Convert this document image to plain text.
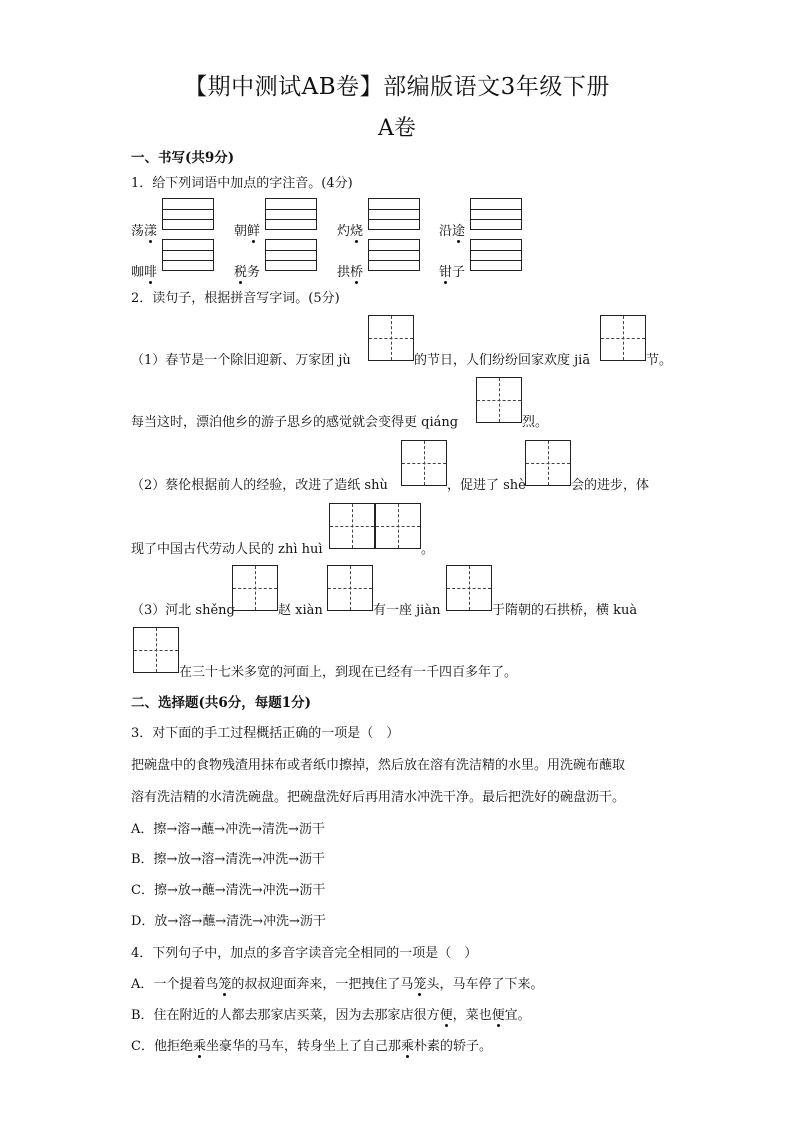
【期中测试AB卷】部编版语文3年级下册
A卷
一、书写(共9分)
1．给下列词语中加点的字注音。(4分)
荡漾	朝鲜	灼烧	沿途
咖啡	税务	拱桥	钳子
2．读句子，根据拼音写字词。(5分)
（1）春节是一个除旧迎新、万家团 jù	的节日，人们纷纷回家欢度 jiā	节。
每当这时，漂泊他乡的游子思乡的感觉就会变得更 qiáng	烈。
（2）蔡伦根据前人的经验，改进了造纸 shù	，促进了 shè	会的进步，体
现了中国古代劳动人民的 zhì huì	。
（3）河北 shěng	赵 xiàn	有一座 jiàn	于隋朝的石拱桥，横 kuà
在三十七米多宽的河面上，到现在已经有一千四百多年了。
二、选择题(共6分，每题1分)
3．对下面的手工过程概括正确的一项是（　）
把碗盘中的食物残渣用抹布或者纸巾擦掉，然后放在溶有洗洁精的水里。用洗碗布蘸取
溶有洗洁精的水清洗碗盘。把碗盘洗好后再用清水冲洗干净。最后把洗好的碗盘沥干。
A．擦→溶→蘸→冲洗→清洗→沥干
B．擦→放→溶→清洗→冲洗→沥干
C．擦→放→蘸→清洗→冲洗→沥干
D．放→溶→蘸→清洗→冲洗→沥干
4．下列句子中，加点的多音字读音完全相同的一项是（　）
A．一个提着鸟笼的叔叔迎面奔来，一把拽住了马笼头，马车停了下来。
B．住在附近的人都去那家店买菜，因为去那家店很方便，菜也便宜。
C．他拒绝乘坐豪华的马车，转身坐上了自己那乘朴素的轿子。
